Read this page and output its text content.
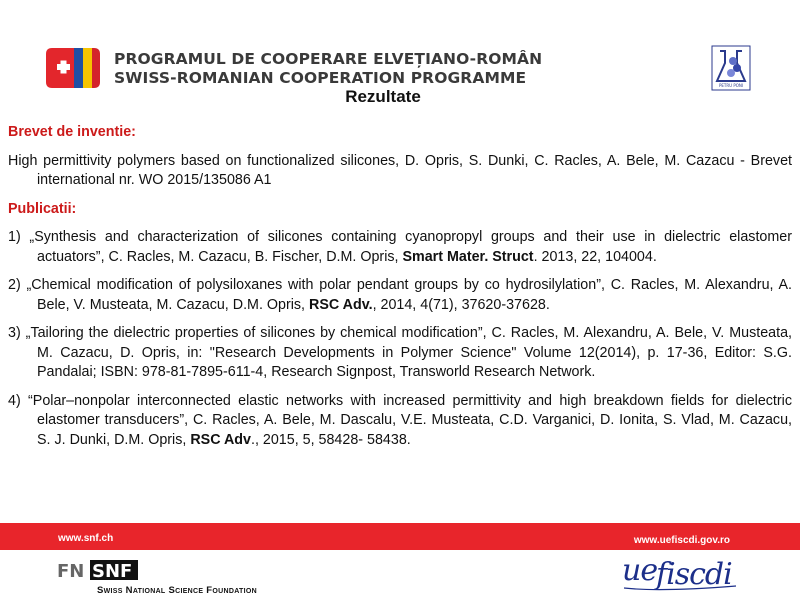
PROGRAMUL DE COOPERARE ELVEȚIANO-ROMÂN
SWISS-ROMANIAN COOPERATION PROGRAMME	PETRU PONI
Rezultate
Brevet de inventie:
High permittivity polymers based on functionalized silicones, D. Opris, S. Dunki, C. Racles, A. Bele, M. Cazacu - Brevet international nr. WO 2015/135086 A1
Publicatii:
1) „Synthesis and characterization of silicones containing cyanopropyl groups and their use in dielectric elastomer actuators”, C. Racles, M. Cazacu, B. Fischer, D.M. Opris, Smart Mater. Struct. 2013, 22, 104004.
2) „Chemical modification of polysiloxanes with polar pendant groups by co hydrosilylation”, C. Racles, M. Alexandru, A. Bele, V. Musteata, M. Cazacu, D.M. Opris, RSC Adv., 2014, 4(71), 37620-37628.
3) „Tailoring the dielectric properties of silicones by chemical modification”, C. Racles, M. Alexandru, A. Bele, V. Musteata, M. Cazacu, D. Opris, in: "Research Developments in Polymer Science" Volume 12(2014), p. 17-36, Editor: S.G. Pandalai; ISBN: 978-81-7895-611-4, Research Signpost, Transworld Research Network.
4) “Polar–nonpolar interconnected elastic networks with increased permittivity and high breakdown fields for dielectric elastomer transducers”, C. Racles, A. Bele, M. Dascalu, V.E. Musteata, C.D. Varganici, D. Ionita, S. Vlad, M. Cazacu, S. J. Dunki, D.M. Opris, RSC Adv., 2015, 5, 58428- 58438.
www.snf.ch	www.uefiscdi.gov.ro
FN SNF
Swiss National Science Foundation
ue
fiscdi
